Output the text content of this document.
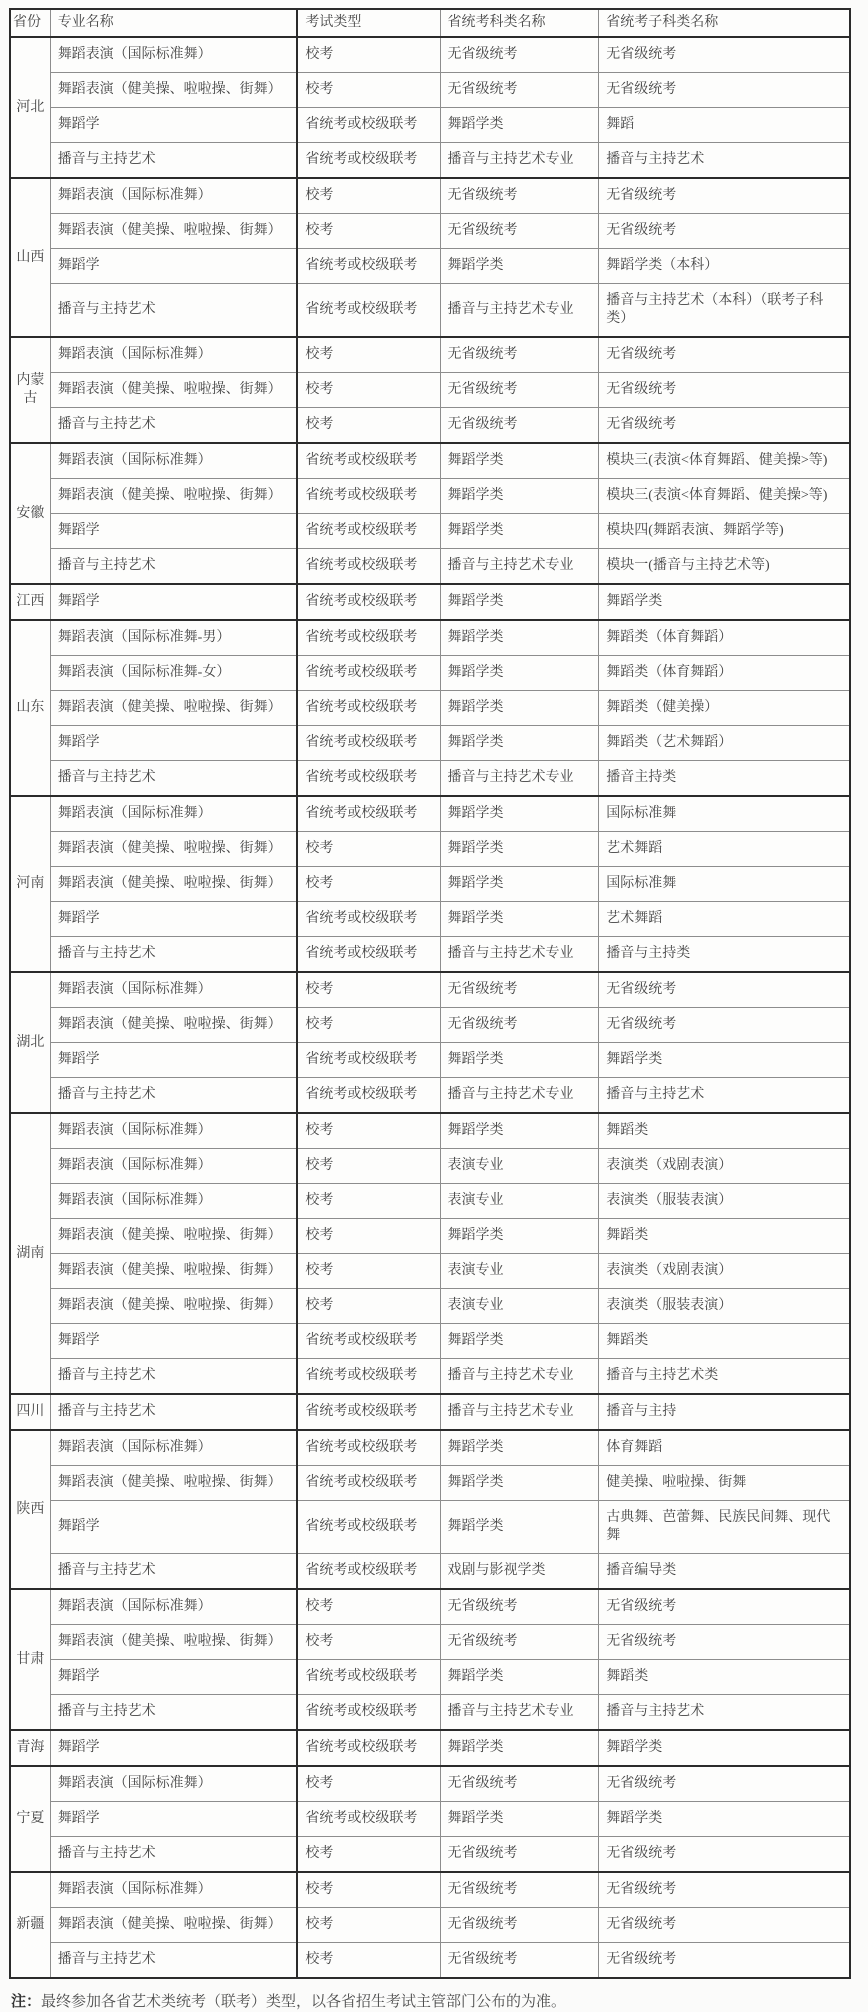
省份	专业名称	考试类型	省统考科类名称	省统考子科类名称
河北	舞蹈表演（国际标准舞）	校考	无省级统考	无省级统考
	舞蹈表演（健美操、啦啦操、街舞）	校考	无省级统考	无省级统考
	舞蹈学	省统考或校级联考	舞蹈学类	舞蹈
	播音与主持艺术	省统考或校级联考	播音与主持艺术专业	播音与主持艺术
山西	舞蹈表演（国际标准舞）	校考	无省级统考	无省级统考
	舞蹈表演（健美操、啦啦操、街舞）	校考	无省级统考	无省级统考
	舞蹈学	省统考或校级联考	舞蹈学类	舞蹈学类（本科）
	播音与主持艺术	省统考或校级联考	播音与主持艺术专业	播音与主持艺术（本科）（联考子科类）
内蒙古	舞蹈表演（国际标准舞）	校考	无省级统考	无省级统考
	舞蹈表演（健美操、啦啦操、街舞）	校考	无省级统考	无省级统考
	播音与主持艺术	校考	无省级统考	无省级统考
安徽	舞蹈表演（国际标准舞）	省统考或校级联考	舞蹈学类	模块三(表演<体育舞蹈、健美操>等)
	舞蹈表演（健美操、啦啦操、街舞）	省统考或校级联考	舞蹈学类	模块三(表演<体育舞蹈、健美操>等)
	舞蹈学	省统考或校级联考	舞蹈学类	模块四(舞蹈表演、舞蹈学等)
	播音与主持艺术	省统考或校级联考	播音与主持艺术专业	模块一(播音与主持艺术等)
江西	舞蹈学	省统考或校级联考	舞蹈学类	舞蹈学类
山东	舞蹈表演（国际标准舞-男）	省统考或校级联考	舞蹈学类	舞蹈类（体育舞蹈）
	舞蹈表演（国际标准舞-女）	省统考或校级联考	舞蹈学类	舞蹈类（体育舞蹈）
	舞蹈表演（健美操、啦啦操、街舞）	省统考或校级联考	舞蹈学类	舞蹈类（健美操）
	舞蹈学	省统考或校级联考	舞蹈学类	舞蹈类（艺术舞蹈）
	播音与主持艺术	省统考或校级联考	播音与主持艺术专业	播音主持类
河南	舞蹈表演（国际标准舞）	省统考或校级联考	舞蹈学类	国际标准舞
	舞蹈表演（健美操、啦啦操、街舞）	校考	舞蹈学类	艺术舞蹈
	舞蹈表演（健美操、啦啦操、街舞）	校考	舞蹈学类	国际标准舞
	舞蹈学	省统考或校级联考	舞蹈学类	艺术舞蹈
	播音与主持艺术	省统考或校级联考	播音与主持艺术专业	播音与主持类
湖北	舞蹈表演（国际标准舞）	校考	无省级统考	无省级统考
	舞蹈表演（健美操、啦啦操、街舞）	校考	无省级统考	无省级统考
	舞蹈学	省统考或校级联考	舞蹈学类	舞蹈学类
	播音与主持艺术	省统考或校级联考	播音与主持艺术专业	播音与主持艺术
湖南	舞蹈表演（国际标准舞）	校考	舞蹈学类	舞蹈类
	舞蹈表演（国际标准舞）	校考	表演专业	表演类（戏剧表演）
	舞蹈表演（国际标准舞）	校考	表演专业	表演类（服装表演）
	舞蹈表演（健美操、啦啦操、街舞）	校考	舞蹈学类	舞蹈类
	舞蹈表演（健美操、啦啦操、街舞）	校考	表演专业	表演类（戏剧表演）
	舞蹈表演（健美操、啦啦操、街舞）	校考	表演专业	表演类（服装表演）
	舞蹈学	省统考或校级联考	舞蹈学类	舞蹈类
	播音与主持艺术	省统考或校级联考	播音与主持艺术专业	播音与主持艺术类
四川	播音与主持艺术	省统考或校级联考	播音与主持艺术专业	播音与主持
陕西	舞蹈表演（国际标准舞）	省统考或校级联考	舞蹈学类	体育舞蹈
	舞蹈表演（健美操、啦啦操、街舞）	省统考或校级联考	舞蹈学类	健美操、啦啦操、街舞
	舞蹈学	省统考或校级联考	舞蹈学类	古典舞、芭蕾舞、民族民间舞、现代舞
	播音与主持艺术	省统考或校级联考	戏剧与影视学类	播音编导类
甘肃	舞蹈表演（国际标准舞）	校考	无省级统考	无省级统考
	舞蹈表演（健美操、啦啦操、街舞）	校考	无省级统考	无省级统考
	舞蹈学	省统考或校级联考	舞蹈学类	舞蹈类
	播音与主持艺术	省统考或校级联考	播音与主持艺术专业	播音与主持艺术
青海	舞蹈学	省统考或校级联考	舞蹈学类	舞蹈学类
宁夏	舞蹈表演（国际标准舞）	校考	无省级统考	无省级统考
	舞蹈学	省统考或校级联考	舞蹈学类	舞蹈学类
	播音与主持艺术	校考	无省级统考	无省级统考
新疆	舞蹈表演（国际标准舞）	校考	无省级统考	无省级统考
	舞蹈表演（健美操、啦啦操、街舞）	校考	无省级统考	无省级统考
	播音与主持艺术	校考	无省级统考	无省级统考

注：最终参加各省艺术类统考（联考）类型，以各省招生考试主管部门公布的为准。
